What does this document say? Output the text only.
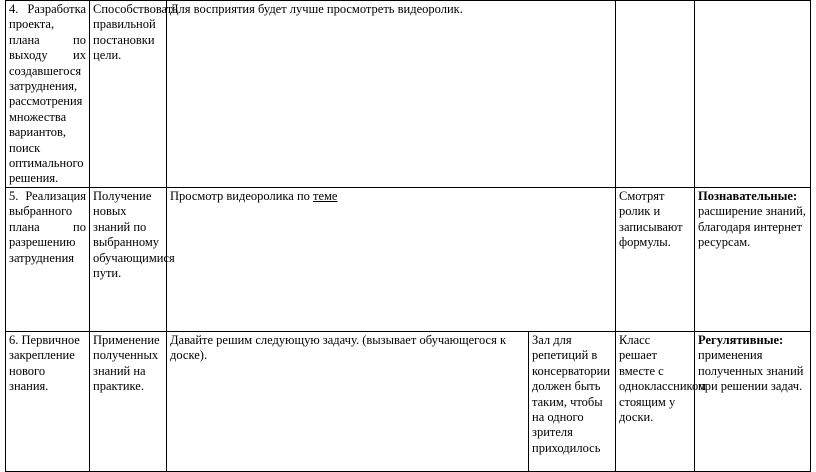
4. Разработка проекта, плана по выходу их создавшегося затруднения, рассмотрения множества вариантов, поиск оптимального решения.	Способствовать правильной постановки цели.	Для восприятия будет лучше просмотреть видеоролик.			
5. Реализация выбранного плана по разрешению затруднения	Получение новых знаний по выбранному обучающимися пути.	Просмотр видеоролика по теме		Смотрят ролик и записывают формулы.	Познавательные: расширение знаний, благодаря интернет ресурсам.
6. Первичное закрепление нового знания.	Применение полученных знаний на практике.	Давайте решим следующую задачу. (вызывает обучающегося к доске).	Зал для репетиций в консерватории должен быть таким, чтобы на одного зрителя приходилось	Класс решает вместе с одноклассником стоящим у доски.	Регулятивные: применения полученных знаний при решении задач.
